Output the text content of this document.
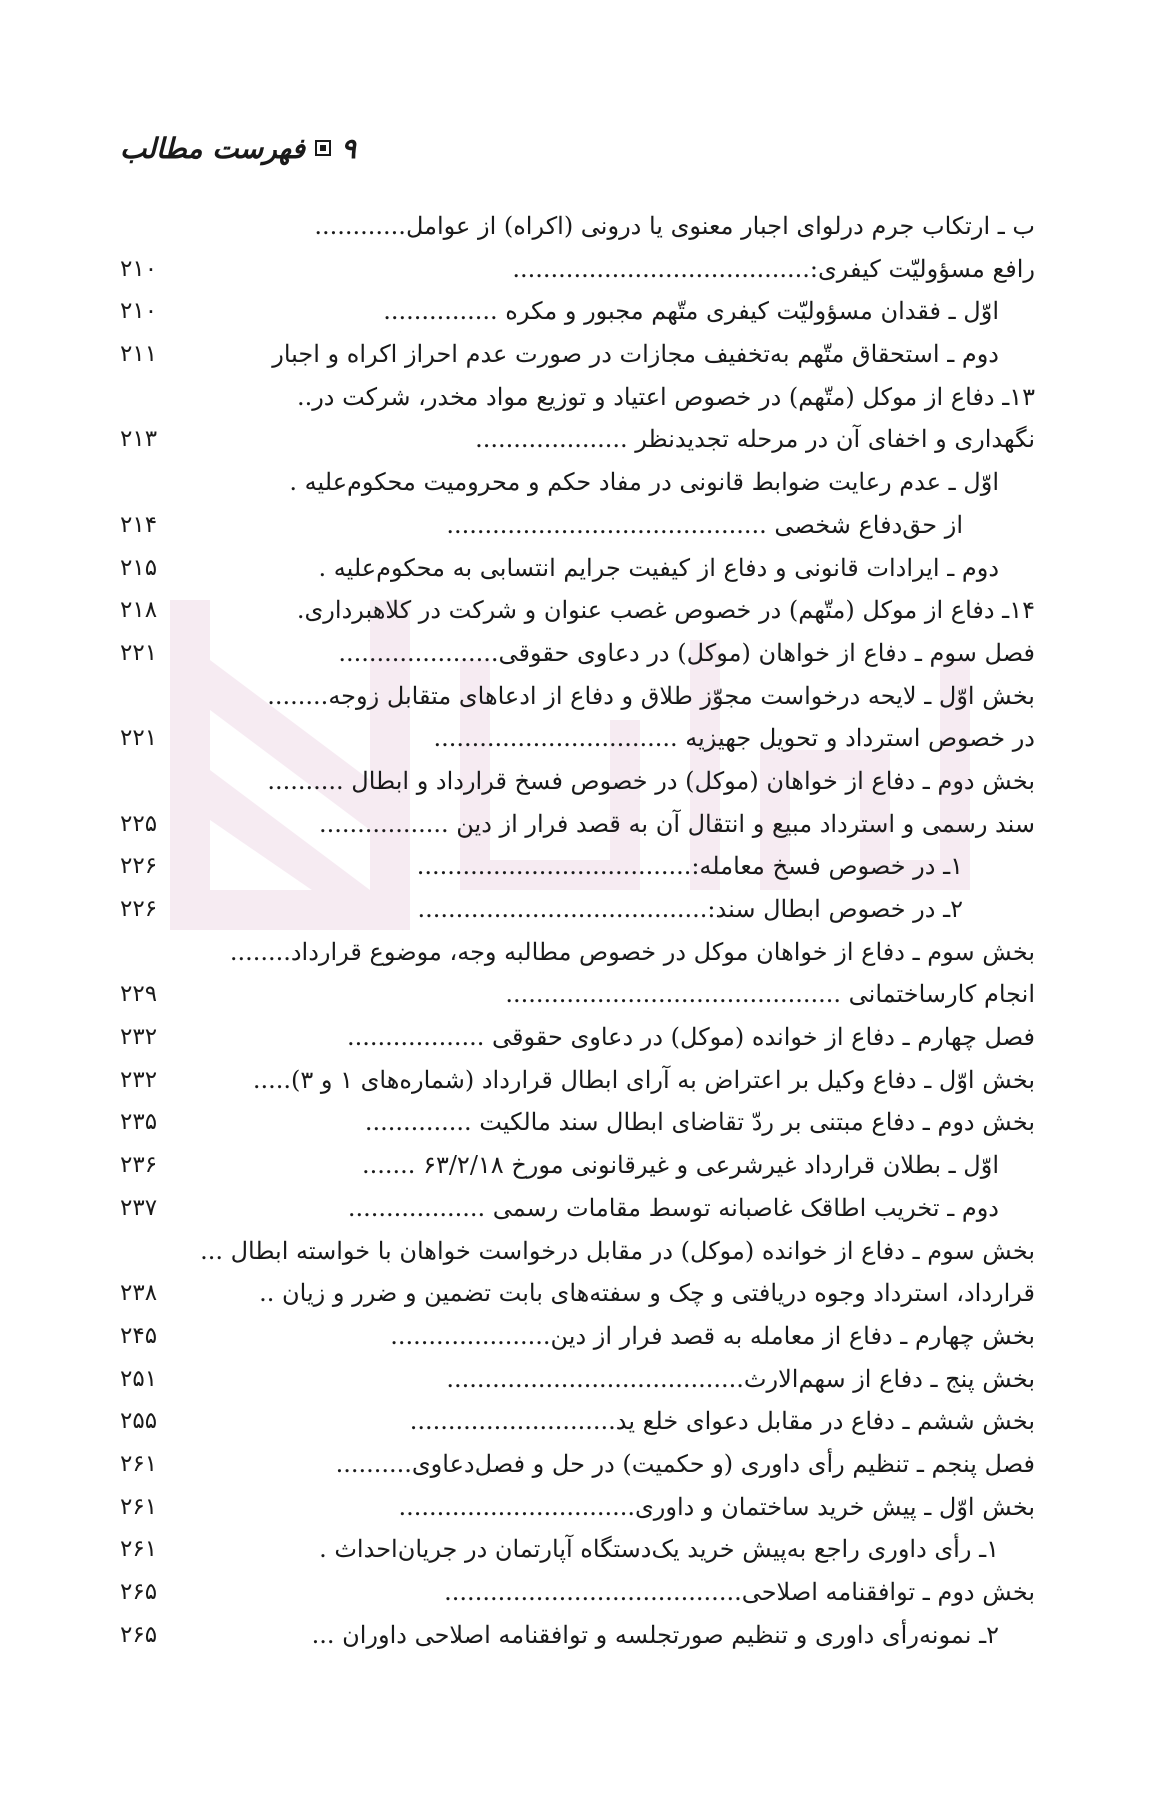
فهرست مطالب ۹
ب ـ ارتکاب جرم درلوای اجبار معنوی یا درونی (اکراه) از عوامل............
۲۱۰	رافع مسؤولیّت کیفری:.......................................
۲۱۰	اوّل ـ فقدان مسؤولیّت کیفری متّهم مجبور و مکره ...............
۲۱۱	دوم ـ استحقاق متّهم به‌تخفیف مجازات در صورت عدم احراز اکراه و اجبار
۱۳ـ دفاع از موکل (متّهم) در خصوص اعتیاد و توزیع مواد مخدر، شرکت در..
۲۱۳	نگهداری و اخفای آن در مرحله تجدیدنظر ....................
اوّل ـ عدم رعایت ضوابط قانونی در مفاد حکم و محرومیت محکوم‌علیه .
۲۱۴	از حق‌دفاع شخصی ..........................................
۲۱۵	دوم ـ ایرادات قانونی و دفاع از کیفیت جرایم انتسابی به محکوم‌علیه .
۲۱۸	۱۴ـ دفاع از موکل (متّهم) در خصوص غصب عنوان و شرکت در کلاهبرداری.
۲۲۱	فصل سوم ـ دفاع از خواهان (موکل) در دعاوی حقوقی.....................
بخش اوّل ـ لایحه درخواست مجوّز طلاق و دفاع از ادعاهای متقابل زوجه........
۲۲۱	در خصوص استرداد و تحویل جهیزیه ................................
بخش دوم ـ دفاع از خواهان (موکل) در خصوص فسخ قرارداد و ابطال ..........
۲۲۵	سند رسمی و استرداد مبیع و انتقال آن به قصد فرار از دین .................
۲۲۶	۱ـ در خصوص فسخ معامله:....................................
۲۲۶	۲ـ در خصوص ابطال سند:......................................
بخش سوم ـ دفاع از خواهان موکل در خصوص مطالبه وجه، موضوع قرارداد........
۲۲۹	انجام کارساختمانی ............................................
۲۳۲	فصل چهارم ـ دفاع از خوانده (موکل) در دعاوی حقوقی ..................
۲۳۲	بخش اوّل ـ دفاع وکیل بر اعتراض به آرای ابطال قرارداد (شماره‌های ۱ و ۳).....
۲۳۵	بخش دوم ـ دفاع مبتنی بر ردّ تقاضای ابطال سند مالکیت ..............
۲۳۶	اوّل ـ بطلان قرارداد غیرشرعی و غیرقانونی مورخ ۶۳/۲/۱۸ .......
۲۳۷	دوم ـ تخریب اطاقک غاصبانه توسط مقامات رسمی ..................
بخش سوم ـ دفاع از خوانده (موکل) در مقابل درخواست خواهان با خواسته ابطال ...
۲۳۸	قرارداد، استرداد وجوه دریافتی و چک و سفته‌های بابت تضمین و ضرر و زیان ..
۲۴۵	بخش چهارم ـ دفاع از معامله به قصد فرار از دین.....................
۲۵۱	بخش پنج ـ دفاع از سهم‌الارث.......................................
۲۵۵	بخش ششم ـ دفاع در مقابل دعوای خلع ید...........................
۲۶۱	فصل پنجم ـ تنظیم رأی داوری (و حکمیت) در حل و فصل‌دعاوی..........
۲۶۱	بخش اوّل ـ پیش خرید ساختمان و داوری...............................
۲۶۱	۱ـ رأی داوری راجع به‌پیش خرید یک‌دستگاه آپارتمان در جریان‌احداث .
۲۶۵	بخش دوم ـ توافقنامه اصلاحی.......................................
۲۶۵	۲ـ نمونه‌رأی داوری و تنظیم صورتجلسه و توافقنامه اصلاحی داوران ...
